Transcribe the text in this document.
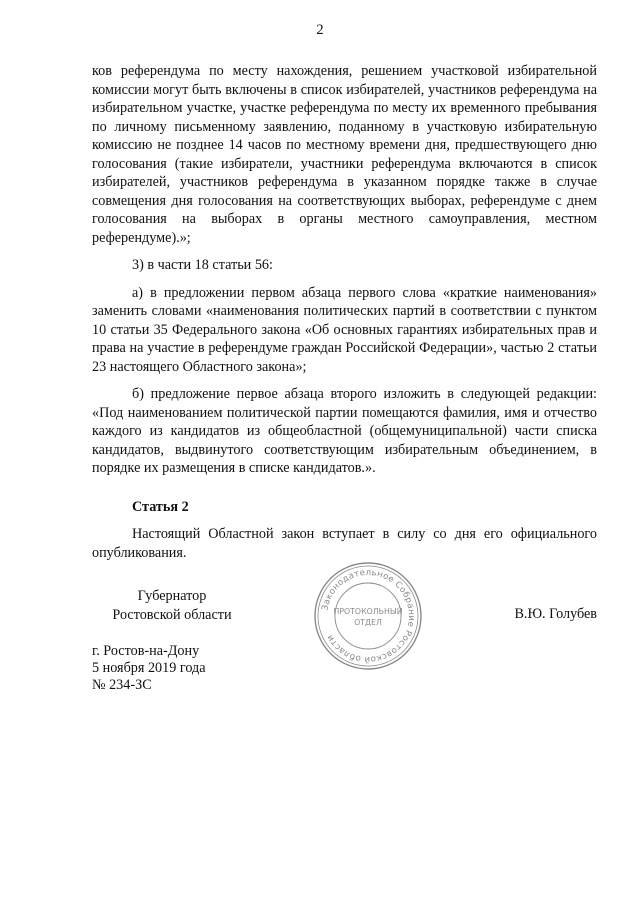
2

ков референдума по месту нахождения, решением участковой избирательной комиссии могут быть включены в список избирателей, участников референдума на избирательном участке, участке референдума по месту их временного пребывания по личному письменному заявлению, поданному в участковую избирательную комиссию не позднее 14 часов по местному времени дня, предшествующего дню голосования (такие избиратели, участники референдума включаются в список избирателей, участников референдума в указанном порядке также в случае совмещения дня голосования на соответствующих выборах, референдуме с днем голосования на выборах в органы местного самоуправления, местном референдуме).»;

3) в части 18 статьи 56:

а) в предложении первом абзаца первого слова «краткие наименования» заменить словами «наименования политических партий в соответствии с пунктом 10 статьи 35 Федерального закона «Об основных гарантиях избирательных прав и права на участие в референдуме граждан Российской Федерации», частью 2 статьи 23 настоящего Областного закона»;

б) предложение первое абзаца второго изложить в следующей редакции: «Под наименованием политической партии помещаются фамилия, имя и отчество каждого из кандидатов из общеобластной (общемуниципальной) части списка кандидатов, выдвинутого соответствующим избирательным объединением, в порядке их размещения в списке кандидатов.».

Статья 2

Настоящий Областной закон вступает в силу со дня его официального опубликования.

Губернатор
Ростовской области	Законодательное Собрание Ростовской области
ПРОТОКОЛЬНЫЙ
ОТДЕЛ
В.Ю. Голубев
г. Ростов-на-Дону
5 ноября 2019 года
№ 234-ЗС
